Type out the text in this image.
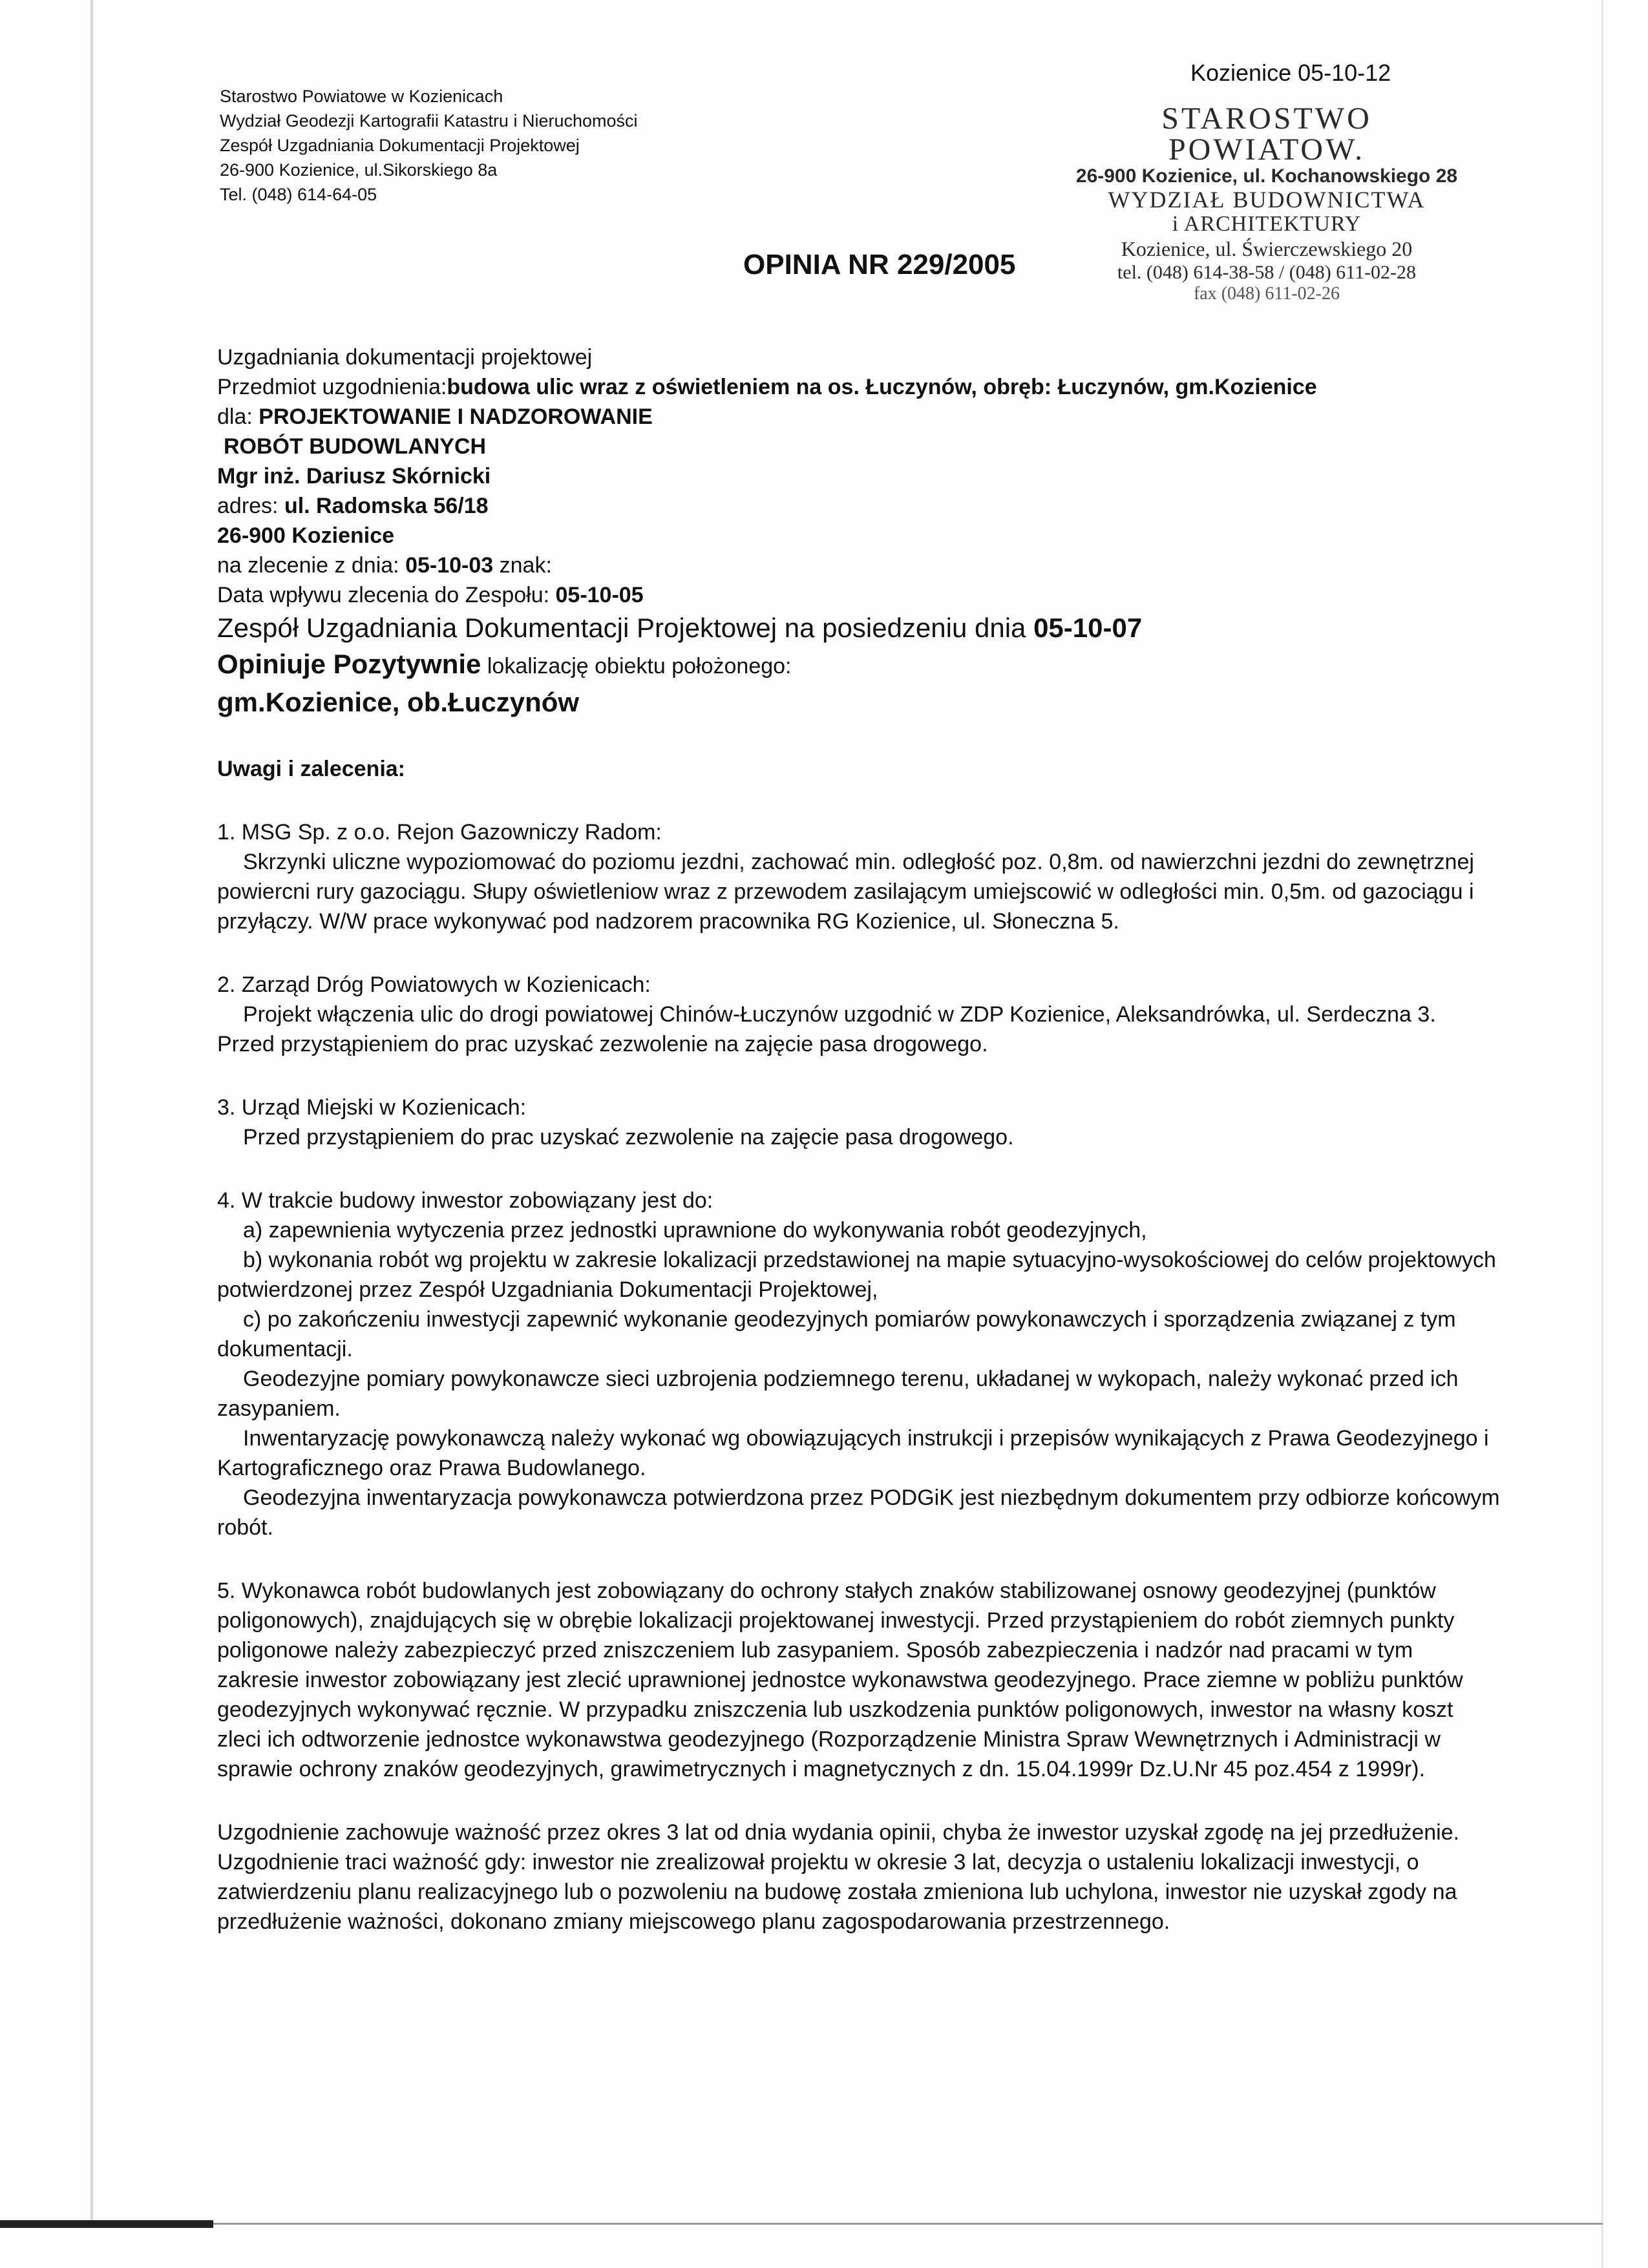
Starostwo Powiatowe w Kozienicach
Wydział Geodezji Kartografii Katastru i Nieruchomości
Zespół Uzgadniania Dokumentacji Projektowej
26-900 Kozienice, ul.Sikorskiego 8a
Tel. (048) 614-64-05
Kozienice 05-10-12
STAROSTWO POWIATOW.
26-900 Kozienice, ul. Kochanowskiego 28
WYDZIAŁ BUDOWNICTWA
i ARCHITEKTURY
Kozienice, ul. Świerczewskiego 20
tel. (048) 614-38-58 / (048) 611-02-28
fax (048) 611-02-26
OPINIA NR 229/2005
Uzgadniania dokumentacji projektowej
Przedmiot uzgodnienia:budowa ulic wraz z oświetleniem na os. Łuczynów, obręb: Łuczynów, gm.Kozienice
dla: PROJEKTOWANIE I NADZOROWANIE
ROBÓT BUDOWLANYCH
Mgr inż. Dariusz Skórnicki
adres: ul. Radomska 56/18
26-900 Kozienice
na zlecenie z dnia: 05-10-03 znak:
Data wpływu zlecenia do Zespołu: 05-10-05
Zespół Uzgadniania Dokumentacji Projektowej na posiedzeniu dnia 05-10-07
Opiniuje Pozytywnie lokalizację obiektu położonego:
gm.Kozienice, ob.Łuczynów
Uwagi i zalecenia:
1. MSG Sp. z o.o. Rejon Gazowniczy Radom:
Skrzynki uliczne wypoziomować do poziomu jezdni, zachować min. odległość poz. 0,8m. od nawierzchni jezdni do zewnętrznej
powiercni rury gazociągu. Słupy oświetleniow wraz z przewodem zasilającym umiejscowić w odległości min. 0,5m. od gazociągu i
przyłączy. W/W prace wykonywać pod nadzorem pracownika RG Kozienice, ul. Słoneczna 5.
2. Zarząd Dróg Powiatowych w Kozienicach:
Projekt włączenia ulic do drogi powiatowej Chinów-Łuczynów uzgodnić w ZDP Kozienice, Aleksandrówka, ul. Serdeczna 3.
Przed przystąpieniem do prac uzyskać zezwolenie na zajęcie pasa drogowego.
3. Urząd Miejski w Kozienicach:
Przed przystąpieniem do prac uzyskać zezwolenie na zajęcie pasa drogowego.
4. W trakcie budowy inwestor zobowiązany jest do:
a) zapewnienia wytyczenia przez jednostki uprawnione do wykonywania robót geodezyjnych,
b) wykonania robót wg projektu w zakresie lokalizacji przedstawionej na mapie sytuacyjno-wysokościowej do celów projektowych
potwierdzonej przez Zespół Uzgadniania Dokumentacji Projektowej,
c) po zakończeniu inwestycji zapewnić wykonanie geodezyjnych pomiarów powykonawczych i sporządzenia związanej z tym
dokumentacji.
Geodezyjne pomiary powykonawcze sieci uzbrojenia podziemnego terenu, układanej w wykopach, należy wykonać przed ich
zasypaniem.
Inwentaryzację powykonawczą należy wykonać wg obowiązujących instrukcji i przepisów wynikających z Prawa Geodezyjnego i
Kartograficznego oraz Prawa Budowlanego.
Geodezyjna inwentaryzacja powykonawcza potwierdzona przez PODGiK jest niezbędnym dokumentem przy odbiorze końcowym
robót.
5. Wykonawca robót budowlanych jest zobowiązany do ochrony stałych znaków stabilizowanej osnowy geodezyjnej (punktów
poligonowych), znajdujących się w obrębie lokalizacji projektowanej inwestycji. Przed przystąpieniem do robót ziemnych punkty
poligonowe należy zabezpieczyć przed zniszczeniem lub zasypaniem. Sposób zabezpieczenia i nadzór nad pracami w tym
zakresie inwestor zobowiązany jest zlecić uprawnionej jednostce wykonawstwa geodezyjnego. Prace ziemne w pobliżu punktów
geodezyjnych wykonywać ręcznie. W przypadku zniszczenia lub uszkodzenia punktów poligonowych, inwestor na własny koszt
zleci ich odtworzenie jednostce wykonawstwa geodezyjnego (Rozporządzenie Ministra Spraw Wewnętrznych i Administracji w
sprawie ochrony znaków geodezyjnych, grawimetrycznych i magnetycznych z dn. 15.04.1999r Dz.U.Nr 45 poz.454 z 1999r).
Uzgodnienie zachowuje ważność przez okres 3 lat od dnia wydania opinii, chyba że inwestor uzyskał zgodę na jej przedłużenie.
Uzgodnienie traci ważność gdy: inwestor nie zrealizował projektu w okresie 3 lat, decyzja o ustaleniu lokalizacji inwestycji, o
zatwierdzeniu planu realizacyjnego lub o pozwoleniu na budowę została zmieniona lub uchylona, inwestor nie uzyskał zgody na
przedłużenie ważności, dokonano zmiany miejscowego planu zagospodarowania przestrzennego.
